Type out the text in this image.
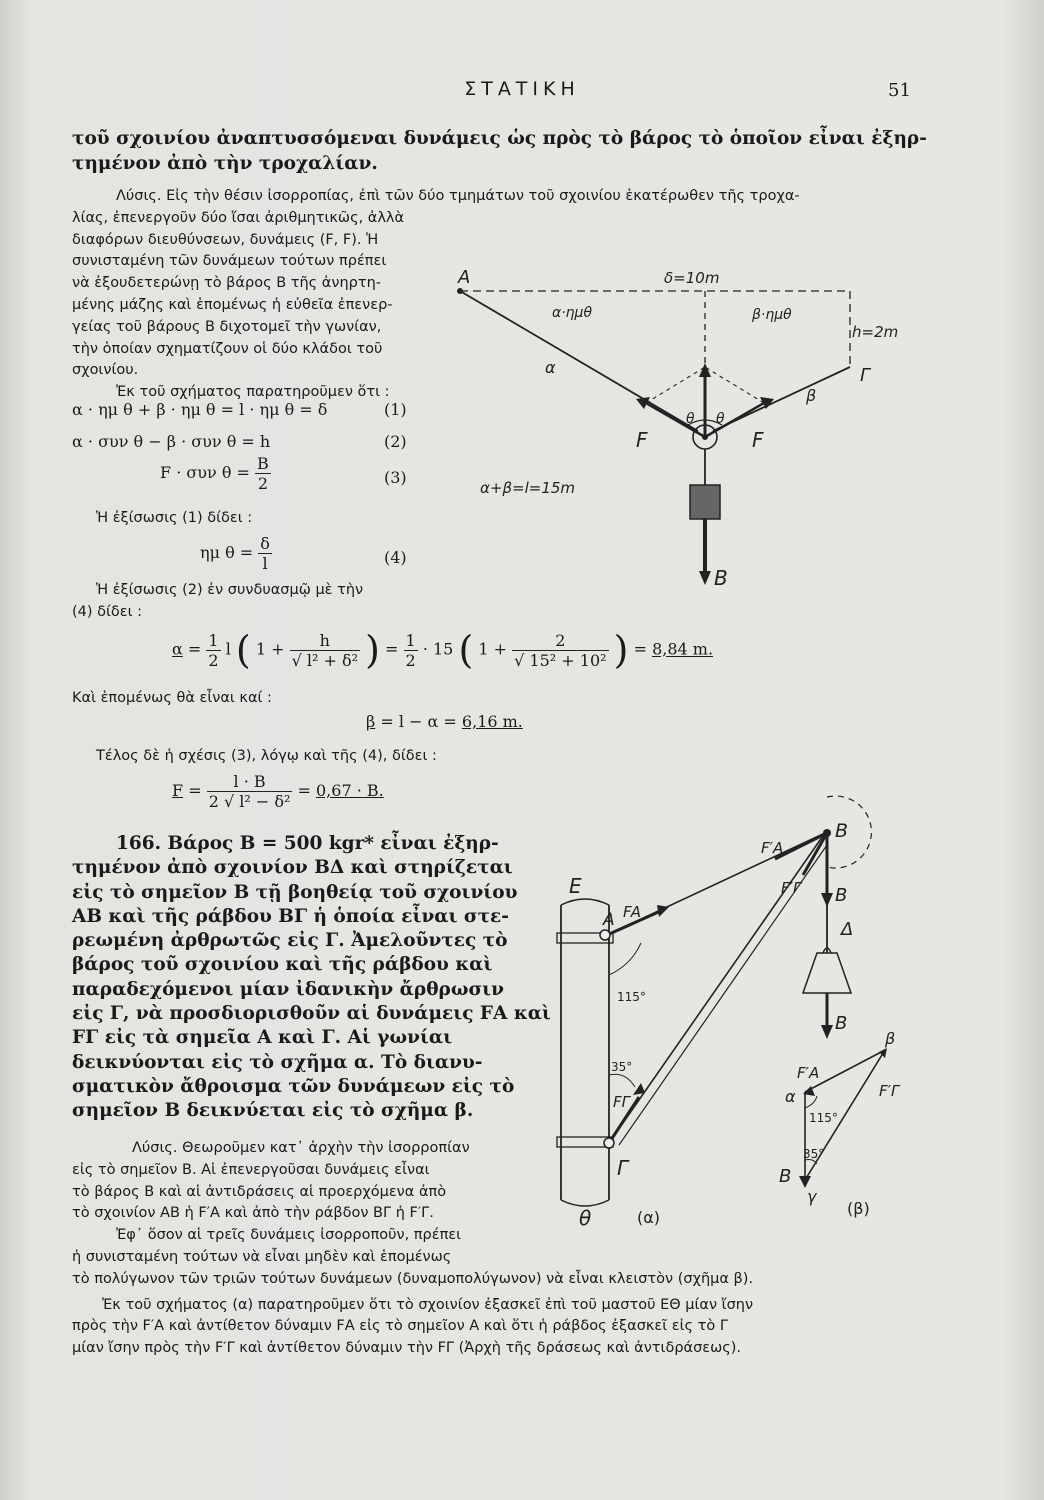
ΣΤΑΤΙΚΗ	51
τοῦ σχοινίου ἀναπτυσσόμεναι δυνάμεις ὡς πρὸς τὸ βάρος τὸ ὁποῖον εἶναι ἐξηρ-
τημένον ἀπὸ τὴν τροχαλίαν.
Λύσις. Εἰς τὴν θέσιν ἰσορροπίας, ἐπὶ τῶν δύο τμημάτων τοῦ σχοινίου ἑκατέρωθεν τῆς τροχα-
λίας, ἐπενεργοῦν δύο ἴσαι ἀριθμητικῶς, ἀλλὰ
διαφόρων διευθύνσεων, δυνάμεις (F, F). Ἡ
συνισταμένη τῶν δυνάμεων τούτων πρέπει
νὰ ἐξουδετερώνῃ τὸ βάρος Β τῆς ἀνηρτη-
μένης μάζης καὶ ἑπομένως ἡ εὐθεῖα ἐπενερ-
γείας τοῦ βάρους Β διχοτομεῖ τὴν γωνίαν,
τὴν ὁποίαν σχηματίζουν οἱ δύο κλάδοι τοῦ
σχοινίου.
Ἐκ τοῦ σχήματος παρατηροῦμεν ὅτι :
α · ημ θ + β · ημ θ = l · ημ θ = δ	(1)
α · συν θ − β · συν θ = h	(2)
F · συν $\theta = \frac{B}{2}$	(3)
Ἡ ἐξίσωσις (1) δίδει :
ημ $\theta = \frac{\delta}{l}$	(4)
Ἡ ἐξίσωσις (2) ἐν συνδυασμῷ μὲ τὴν
(4) δίδει :
$\alpha = \frac{1}{2}$ l ( $1 + \frac{h}{\text{√ l² + δ²}}$ ) = $\frac{1}{2} \cdot 15$ ( $1 + \frac{2}{\text{√ 15² + 10²}}$ ) = 8,84 m.
Καὶ ἑπομένως θὰ εἶναι καί :
β = l − α = 6,16 m.
Τέλος δὲ ἡ σχέσις (3), λόγῳ καὶ τῆς (4), δίδει :
$F = \frac{l \cdot B}{\text{2 √ l² − δ²}} = 0,67 \cdot B$.
166. Βάρος Β = 500 kgr* εἶναι ἐξηρ-
τημένον ἀπὸ σχοινίον ΒΔ καὶ στηρίζεται
εἰς τὸ σημεῖον Β τῇ βοηθείᾳ τοῦ σχοινίου
ΑΒ καὶ τῆς ράβδου ΒΓ ἡ ὁποία εἶναι στε-
ρεωμένη ἀρθρωτῶς εἰς Γ. Ἀμελοῦντες τὸ
βάρος τοῦ σχοινίου καὶ τῆς ράβδου καὶ
παραδεχόμενοι μίαν ἰδανικὴν ἄρθρωσιν
εἰς Γ, νὰ προσδιορισθοῦν αἱ δυνάμεις FΑ καὶ
FΓ εἰς τὰ σημεῖα Α καὶ Γ. Αἱ γωνίαι
δεικνύονται εἰς τὸ σχῆμα α. Τὸ διανυ-
σματικὸν ἄθροισμα τῶν δυνάμεων εἰς τὸ
σημεῖον Β δεικνύεται εἰς τὸ σχῆμα β.
Λύσις. Θεωροῦμεν κατ᾽ ἀρχὴν τὴν ἰσορροπίαν
εἰς τὸ σημεῖον Β. Αἱ ἐπενεργοῦσαι δυνάμεις εἶναι
τὸ βάρος Β καὶ αἱ ἀντιδράσεις αἱ προερχόμενα ἀπὸ
τὸ σχοινίον ΑΒ ἡ F′Α καὶ ἀπὸ τὴν ράβδον ΒΓ ἡ F′Γ.
Ἐφ᾽ ὅσον αἱ τρεῖς δυνάμεις ἰσορροποῦν, πρέπει
ἡ συνισταμένη τούτων νὰ εἶναι μηδὲν καὶ ἑπομένως
τὸ πολύγωνον τῶν τριῶν τούτων δυνάμεων (δυναμοπολύγωνον) νὰ εἶναι κλειστὸν (σχῆμα β).
Ἐκ τοῦ σχήματος (α) παρατηροῦμεν ὅτι τὸ σχοινίον ἐξασκεῖ ἐπὶ τοῦ μαστοῦ ΕΘ μίαν ἴσην
πρὸς τὴν F′Α καὶ ἀντίθετον δύναμιν FΑ εἰς τὸ σημεῖον Α καὶ ὅτι ἡ ράβδος ἐξασκεῖ εἰς τὸ Γ
μίαν ἴσην πρὸς τὴν F′Γ καὶ ἀντίθετον δύναμιν τὴν FΓ (Ἀρχὴ τῆς δράσεως καὶ ἀντιδράσεως).
A
Γ
δ=10m
h=2m
α·ημθ	β·ημθ
α
β
θ θ
F	F
α+β=l=15m
B
E
A FA
F′A
B
B
Δ
B
F′Γ
FΓ
Γ
θ
115°
35°
(α)
β
F′A
α	F′Γ
115°
35°
B
γ
(β)
